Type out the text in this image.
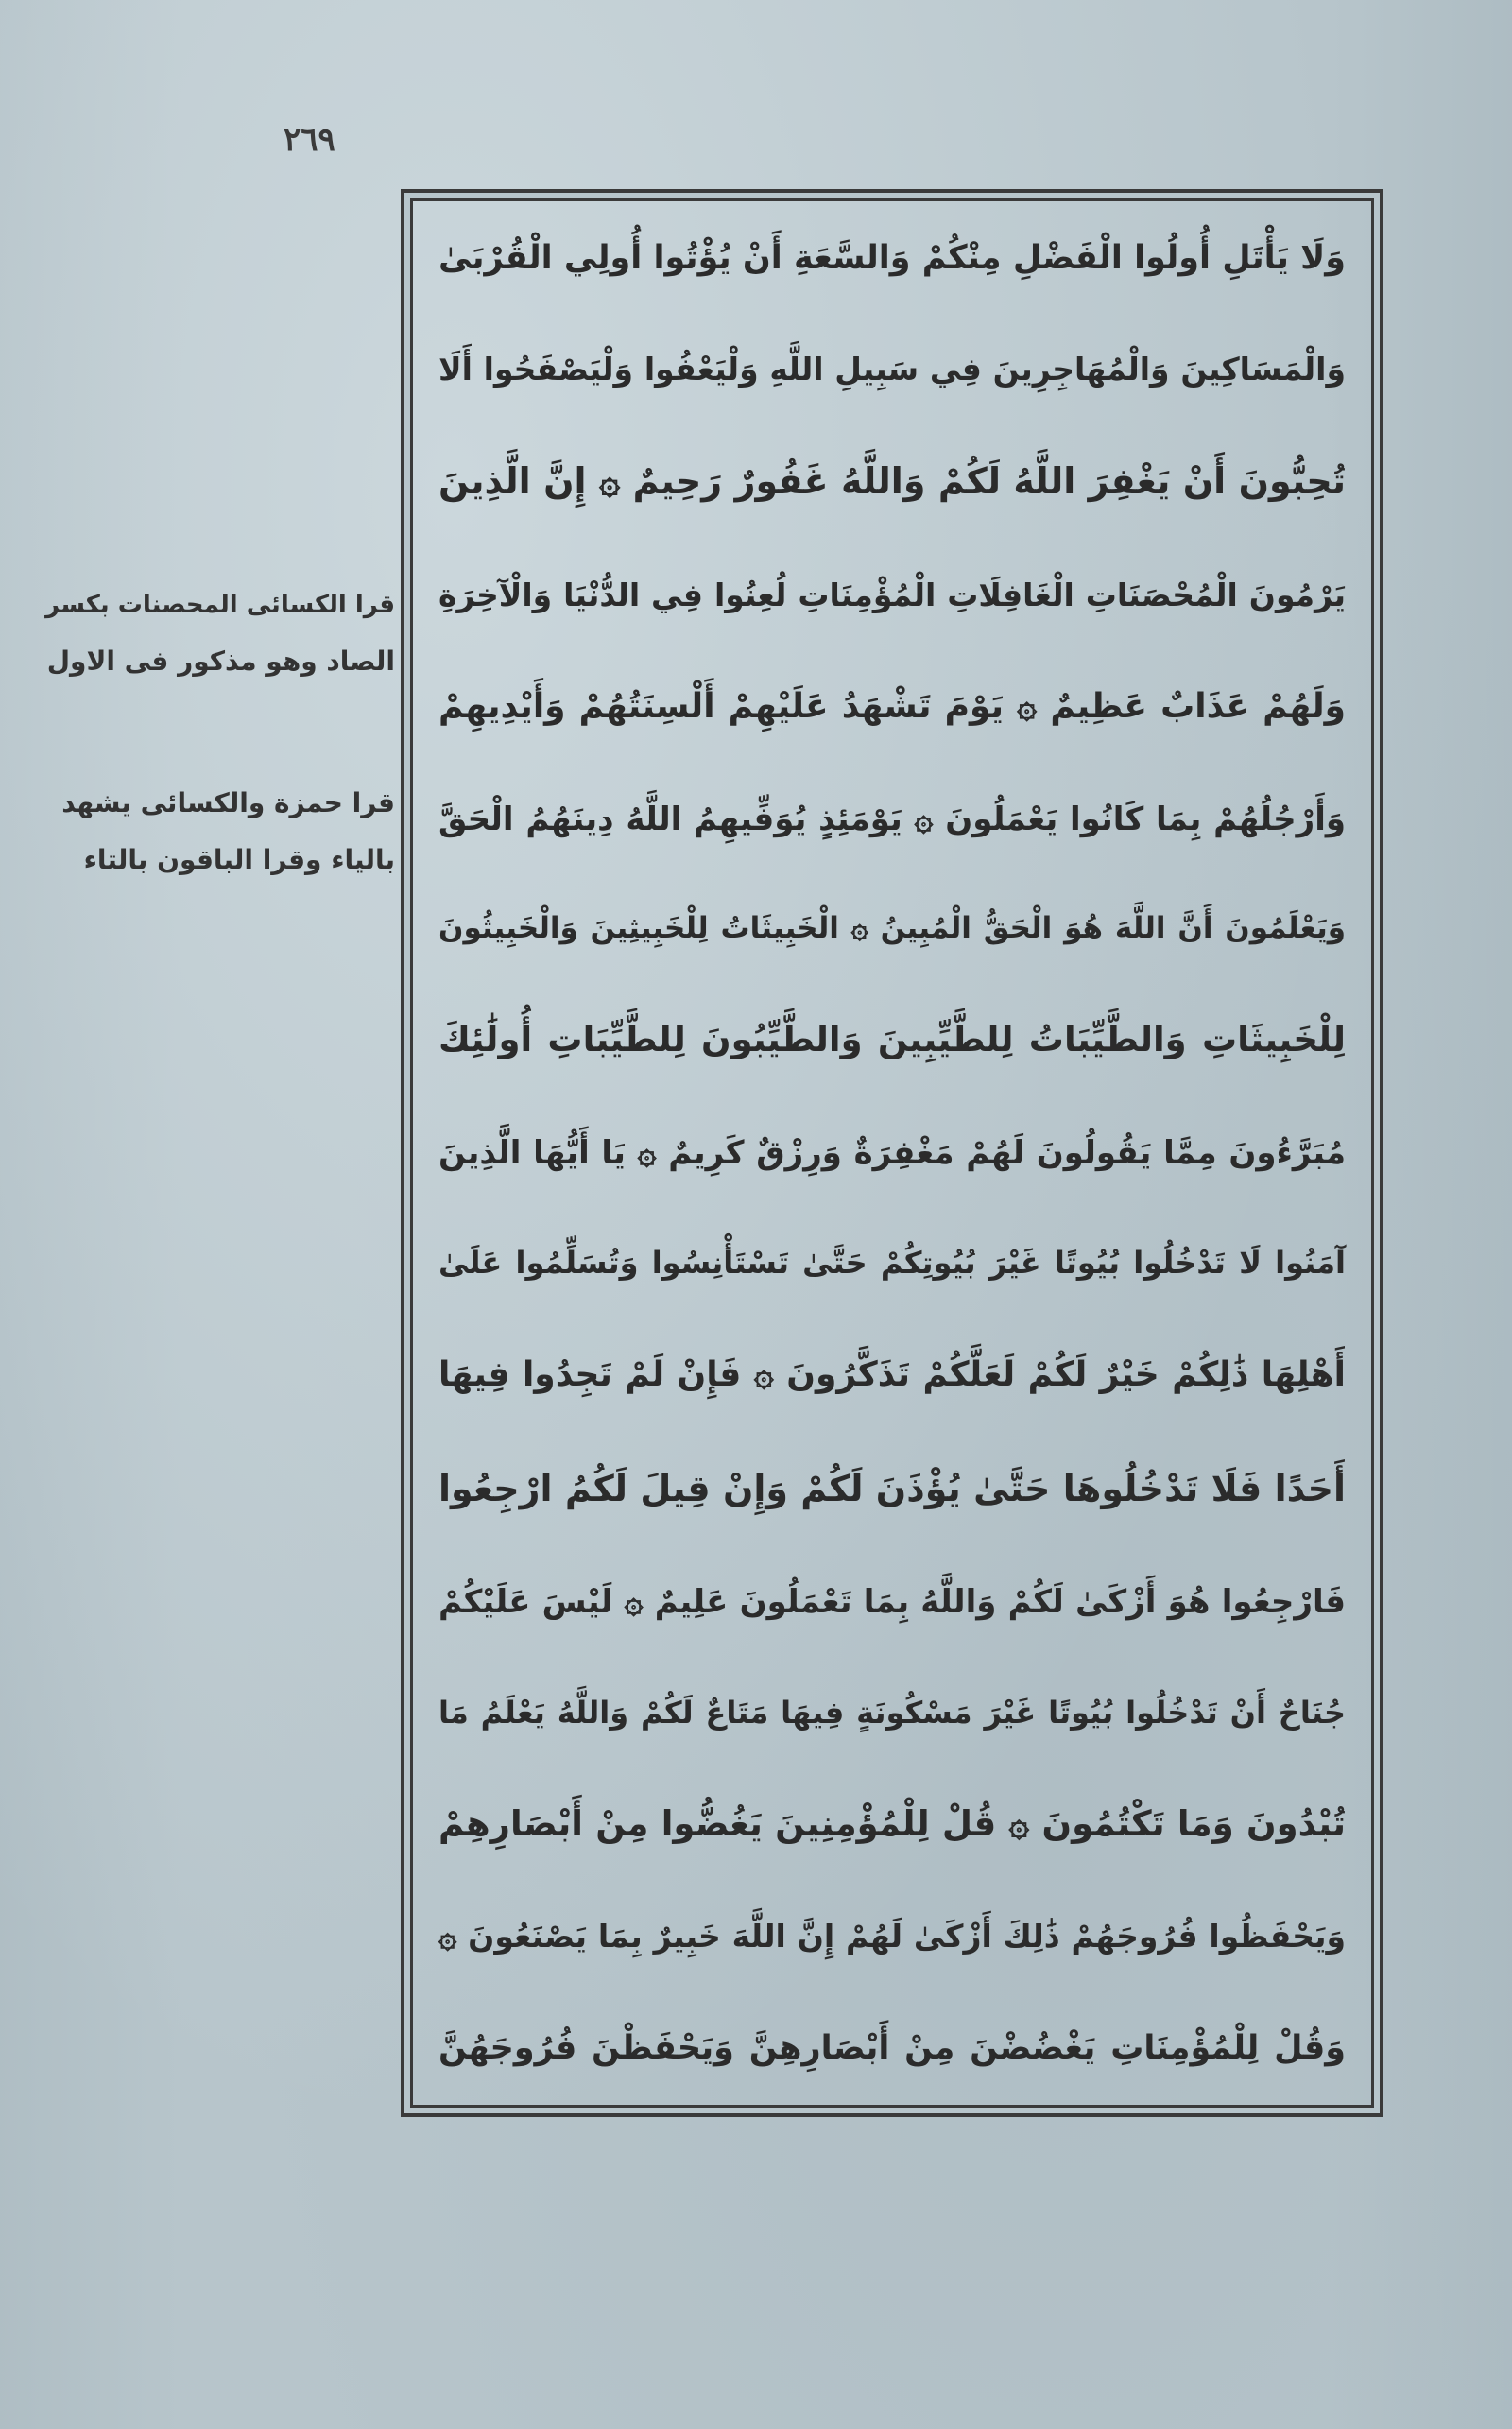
٢٦٩
قرا الكسائى المحصنات بكسر
الصاد وهو مذكور فى الاول
قرا حمزة والكسائى يشهد
بالياء وقرا الباقون بالتاء
وَلَا يَأْتَلِ أُولُوا الْفَضْلِ مِنْكُمْ وَالسَّعَةِ أَنْ يُؤْتُوا أُولِي الْقُرْبَىٰ
وَالْمَسَاكِينَ وَالْمُهَاجِرِينَ فِي سَبِيلِ اللَّهِ وَلْيَعْفُوا وَلْيَصْفَحُوا أَلَا
تُحِبُّونَ أَنْ يَغْفِرَ اللَّهُ لَكُمْ وَاللَّهُ غَفُورٌ رَحِيمٌ ۞ إِنَّ الَّذِينَ
يَرْمُونَ الْمُحْصَنَاتِ الْغَافِلَاتِ الْمُؤْمِنَاتِ لُعِنُوا فِي الدُّنْيَا وَالْآخِرَةِ
وَلَهُمْ عَذَابٌ عَظِيمٌ ۞ يَوْمَ تَشْهَدُ عَلَيْهِمْ أَلْسِنَتُهُمْ وَأَيْدِيهِمْ
وَأَرْجُلُهُمْ بِمَا كَانُوا يَعْمَلُونَ ۞ يَوْمَئِذٍ يُوَفِّيهِمُ اللَّهُ دِينَهُمُ الْحَقَّ
وَيَعْلَمُونَ أَنَّ اللَّهَ هُوَ الْحَقُّ الْمُبِينُ ۞ الْخَبِيثَاتُ لِلْخَبِيثِينَ وَالْخَبِيثُونَ
لِلْخَبِيثَاتِ وَالطَّيِّبَاتُ لِلطَّيِّبِينَ وَالطَّيِّبُونَ لِلطَّيِّبَاتِ أُولَٰئِكَ
مُبَرَّءُونَ مِمَّا يَقُولُونَ لَهُمْ مَغْفِرَةٌ وَرِزْقٌ كَرِيمٌ ۞ يَا أَيُّهَا الَّذِينَ
آمَنُوا لَا تَدْخُلُوا بُيُوتًا غَيْرَ بُيُوتِكُمْ حَتَّىٰ تَسْتَأْنِسُوا وَتُسَلِّمُوا عَلَىٰ
أَهْلِهَا ذَٰلِكُمْ خَيْرٌ لَكُمْ لَعَلَّكُمْ تَذَكَّرُونَ ۞ فَإِنْ لَمْ تَجِدُوا فِيهَا
أَحَدًا فَلَا تَدْخُلُوهَا حَتَّىٰ يُؤْذَنَ لَكُمْ وَإِنْ قِيلَ لَكُمُ ارْجِعُوا
فَارْجِعُوا هُوَ أَزْكَىٰ لَكُمْ وَاللَّهُ بِمَا تَعْمَلُونَ عَلِيمٌ ۞ لَيْسَ عَلَيْكُمْ
جُنَاحٌ أَنْ تَدْخُلُوا بُيُوتًا غَيْرَ مَسْكُونَةٍ فِيهَا مَتَاعٌ لَكُمْ وَاللَّهُ يَعْلَمُ مَا
تُبْدُونَ وَمَا تَكْتُمُونَ ۞ قُلْ لِلْمُؤْمِنِينَ يَغُضُّوا مِنْ أَبْصَارِهِمْ
وَيَحْفَظُوا فُرُوجَهُمْ ذَٰلِكَ أَزْكَىٰ لَهُمْ إِنَّ اللَّهَ خَبِيرٌ بِمَا يَصْنَعُونَ ۞
وَقُلْ لِلْمُؤْمِنَاتِ يَغْضُضْنَ مِنْ أَبْصَارِهِنَّ وَيَحْفَظْنَ فُرُوجَهُنَّ
